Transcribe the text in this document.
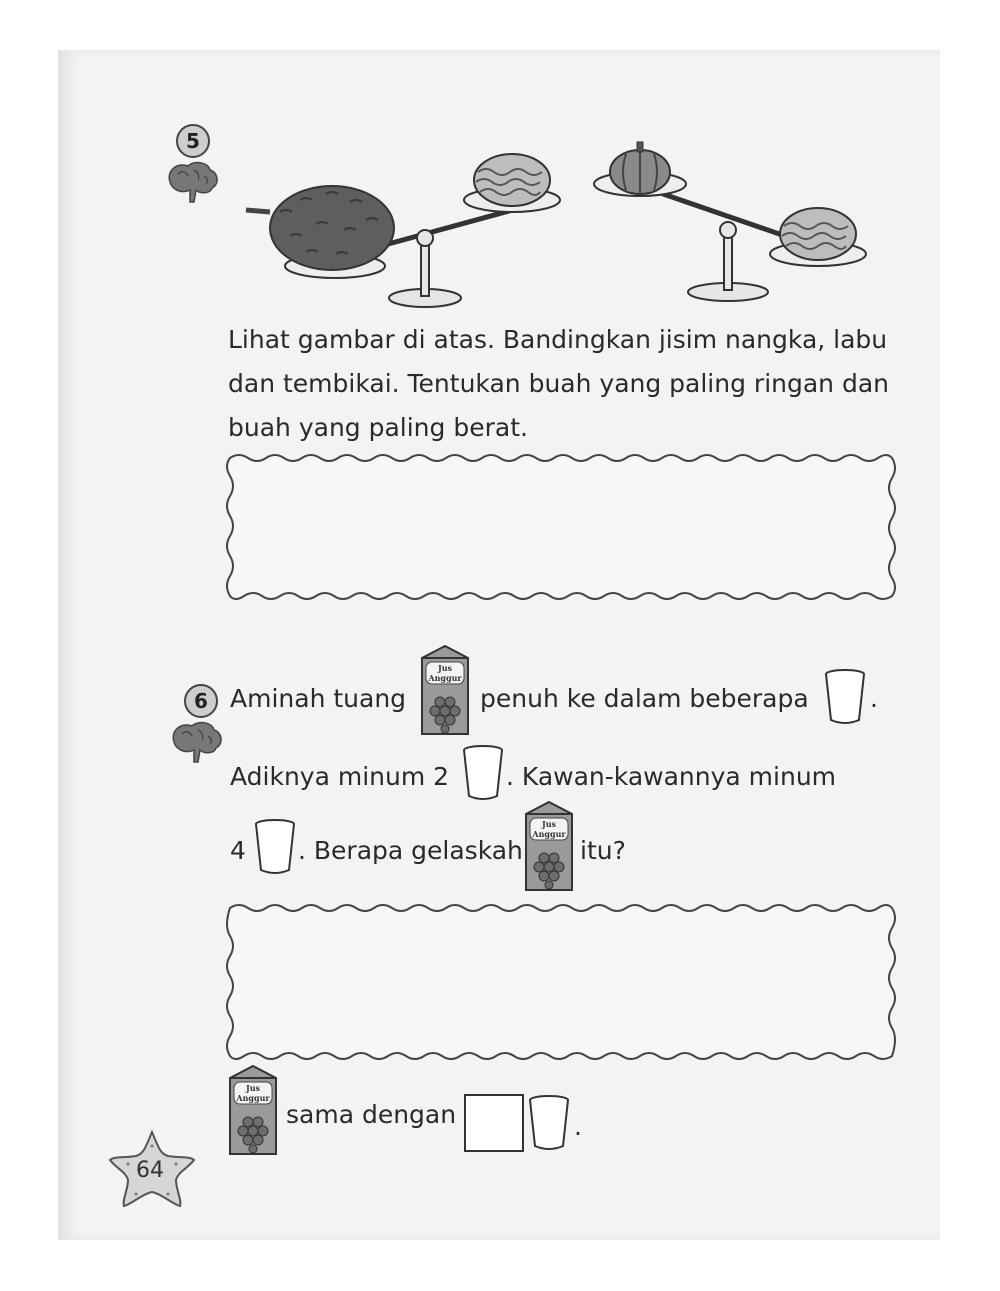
5
Lihat gambar di atas. Bandingkan jisim nangka, labu
dan tembikai. Tentukan buah yang paling ringan dan
buah yang paling berat.
6 Aminah tuang
Jus
Anggur
penuh ke dalam beberapa .
Adiknya minum 2 . Kawan-kawannya minum
4 . Berapa gelaskah
Jus
Anggur
itu?
Jus
Anggur
sama dengan	.
64
